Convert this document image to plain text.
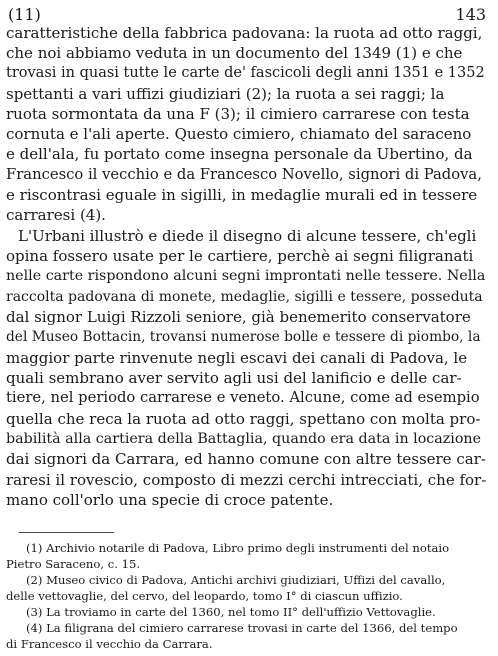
(11)	143
caratteristiche della fabbrica padovana: la ruota ad otto raggi,
che noi abbiamo veduta in un documento del 1349 (1) e che
trovasi in quasi tutte le carte de' fascicoli degli anni 1351 e 1352
spettanti a vari uffizi giudiziari (2); la ruota a sei raggi; la
ruota sormontata da una F (3); il cimiero carrarese con testa
cornuta e l'ali aperte. Questo cimiero, chiamato del saraceno
e dell'ala, fu portato come insegna personale da Ubertino, da
Francesco il vecchio e da Francesco Novello, signori di Padova,
e riscontrasi eguale in sigilli, in medaglie murali ed in tessere
carraresi (4).
L'Urbani illustrò e diede il disegno di alcune tessere, ch'egli
opina fossero usate per le cartiere, perchè ai segni filigranati
nelle carte rispondono alcuni segni improntati nelle tessere. Nella
raccolta padovana di monete, medaglie, sigilli e tessere, posseduta
dal signor Luigi Rizzoli seniore, già benemerito conservatore
del Museo Bottacin, trovansi numerose bolle e tessere di piombo, la
maggior parte rinvenute negli escavi dei canali di Padova, le
quali sembrano aver servito agli usi del lanificio e delle car-
tiere, nel periodo carrarese e veneto. Alcune, come ad esempio
quella che reca la ruota ad otto raggi, spettano con molta pro-
babilità alla cartiera della Battaglia, quando era data in locazione
dai signori da Carrara, ed hanno comune con altre tessere car-
raresi il rovescio, composto di mezzi cerchi intrecciati, che for-
mano coll'orlo una specie di croce patente.
(1) Archivio notarile di Padova, Libro primo degli instrumenti del notaio
Pietro Saraceno, c. 15.
(2) Museo civico di Padova, Antichi archivi giudiziari, Uffizi del cavallo,
delle vettovaglie, del cervo, del leopardo, tomo I° di ciascun uffizio.
(3) La troviamo in carte del 1360, nel tomo II° dell'uffizio Vettovaglie.
(4) La filigrana del cimiero carrarese trovasi in carte del 1366, del tempo
di Francesco il vecchio da Carrara.
